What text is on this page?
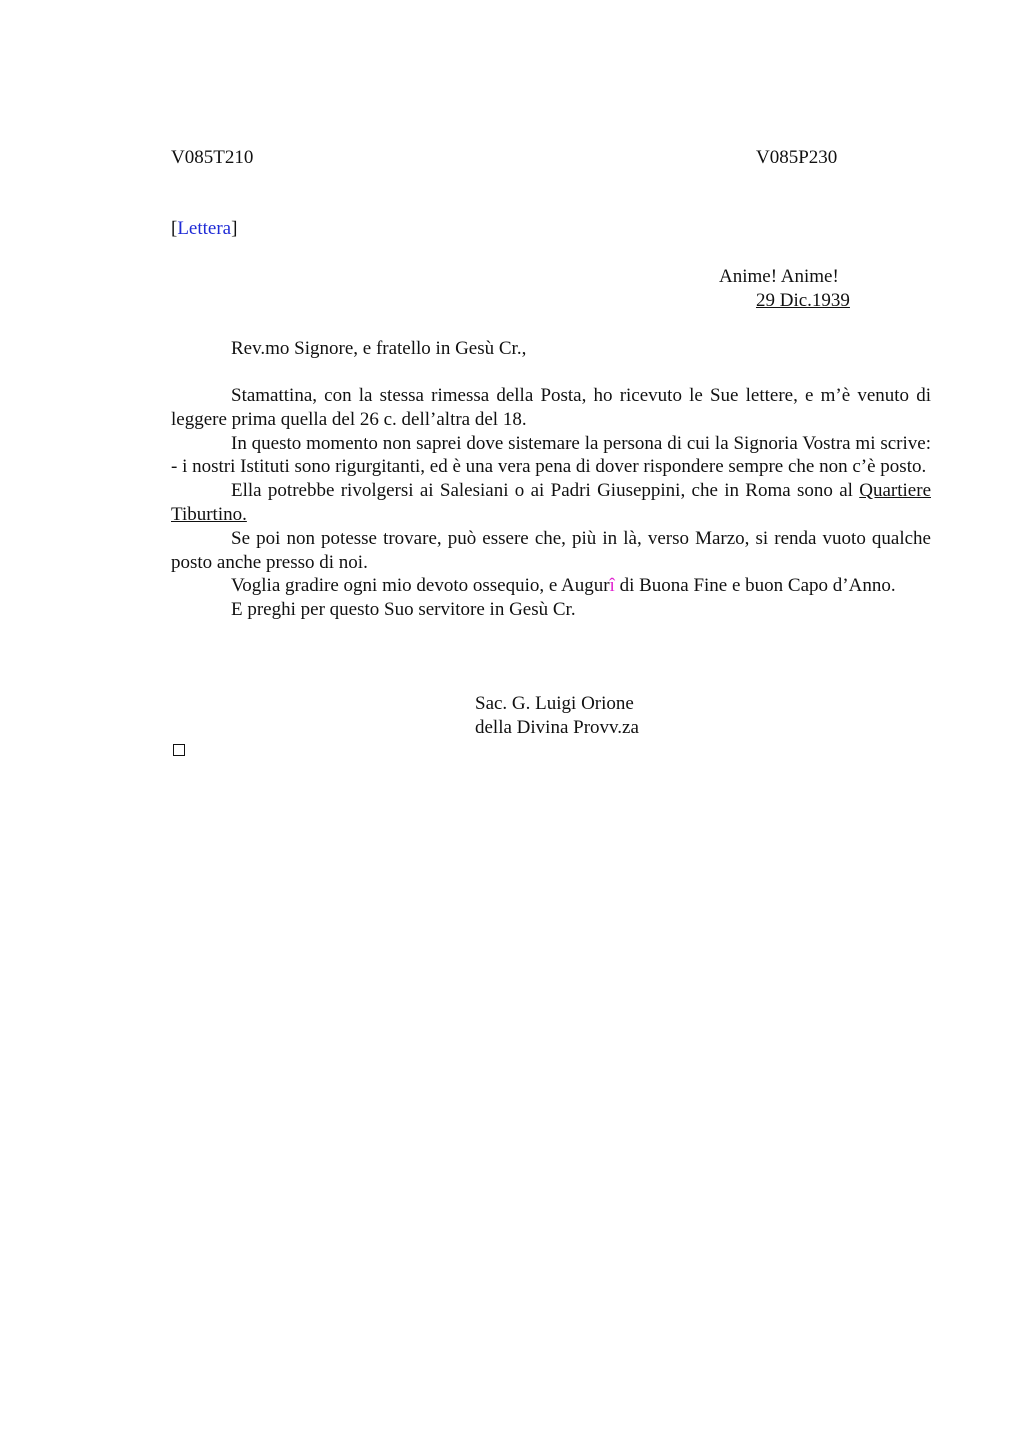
V085T210	V085P230
[Lettera]
Anime! Anime!
29 Dic.1939
Rev.mo Signore, e fratello in Gesù Cr.,

Stamattina, con la stessa rimessa della Posta, ho ricevuto le Sue lettere, e m’è venuto di leggere prima quella del 26 c. dell’altra del 18.

In questo momento non saprei dove sistemare la persona di cui la Signoria Vostra mi scrive: - i nostri Istituti sono rigurgitanti, ed è una vera pena di dover rispondere sempre che non c’è posto.

Ella potrebbe rivolgersi ai Salesiani o ai Padri Giuseppini, che in Roma sono al Quartiere Tiburtino.

Se poi non potesse trovare, può essere che, più in là, verso Marzo, si renda vuoto qualche posto anche presso di noi.

Voglia gradire ogni mio devoto ossequio, e Augurî di Buona Fine e buon Capo d’Anno.

E preghi per questo Suo servitore in Gesù Cr.

Sac. G. Luigi Orione
della Divina Provv.za
